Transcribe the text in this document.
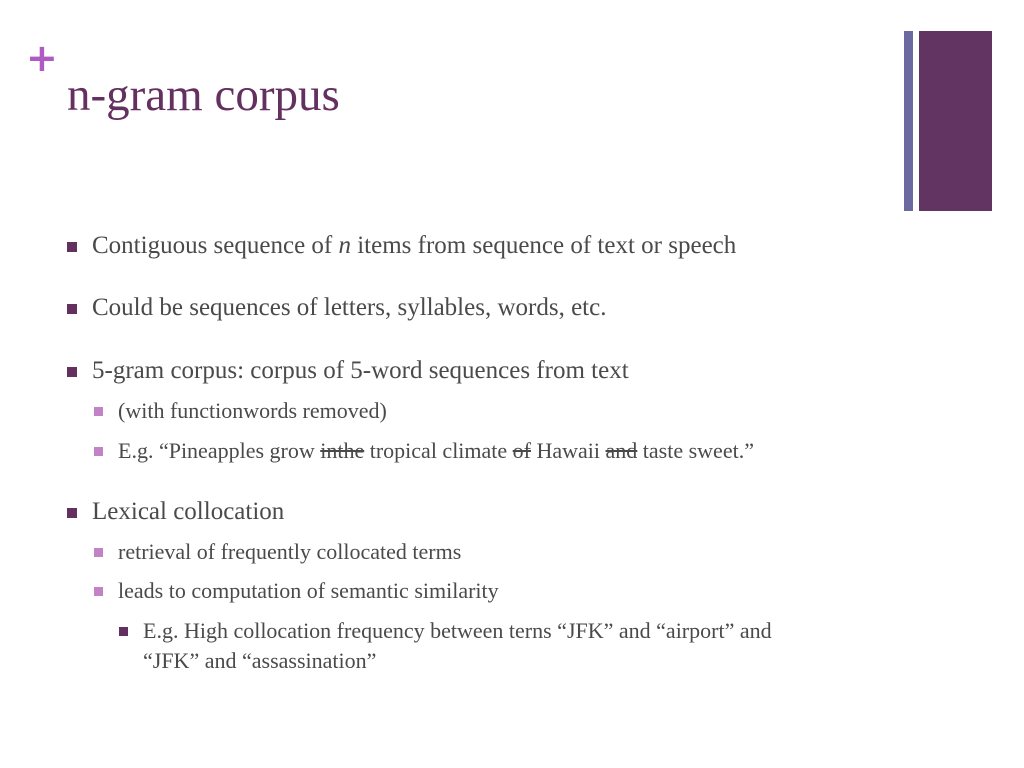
+
n-gram corpus
Contiguous sequence of n items from sequence of text or speech
Could be sequences of letters, syllables, words, etc.
5-gram corpus: corpus of 5-word sequences from text
(with functionwords removed)
E.g. “Pineapples grow inthe tropical climate of Hawaii and taste sweet.”
Lexical collocation
retrieval of frequently collocated terms
leads to computation of semantic similarity
E.g. High collocation frequency between terns “JFK” and “airport” and
“JFK” and “assassination”
